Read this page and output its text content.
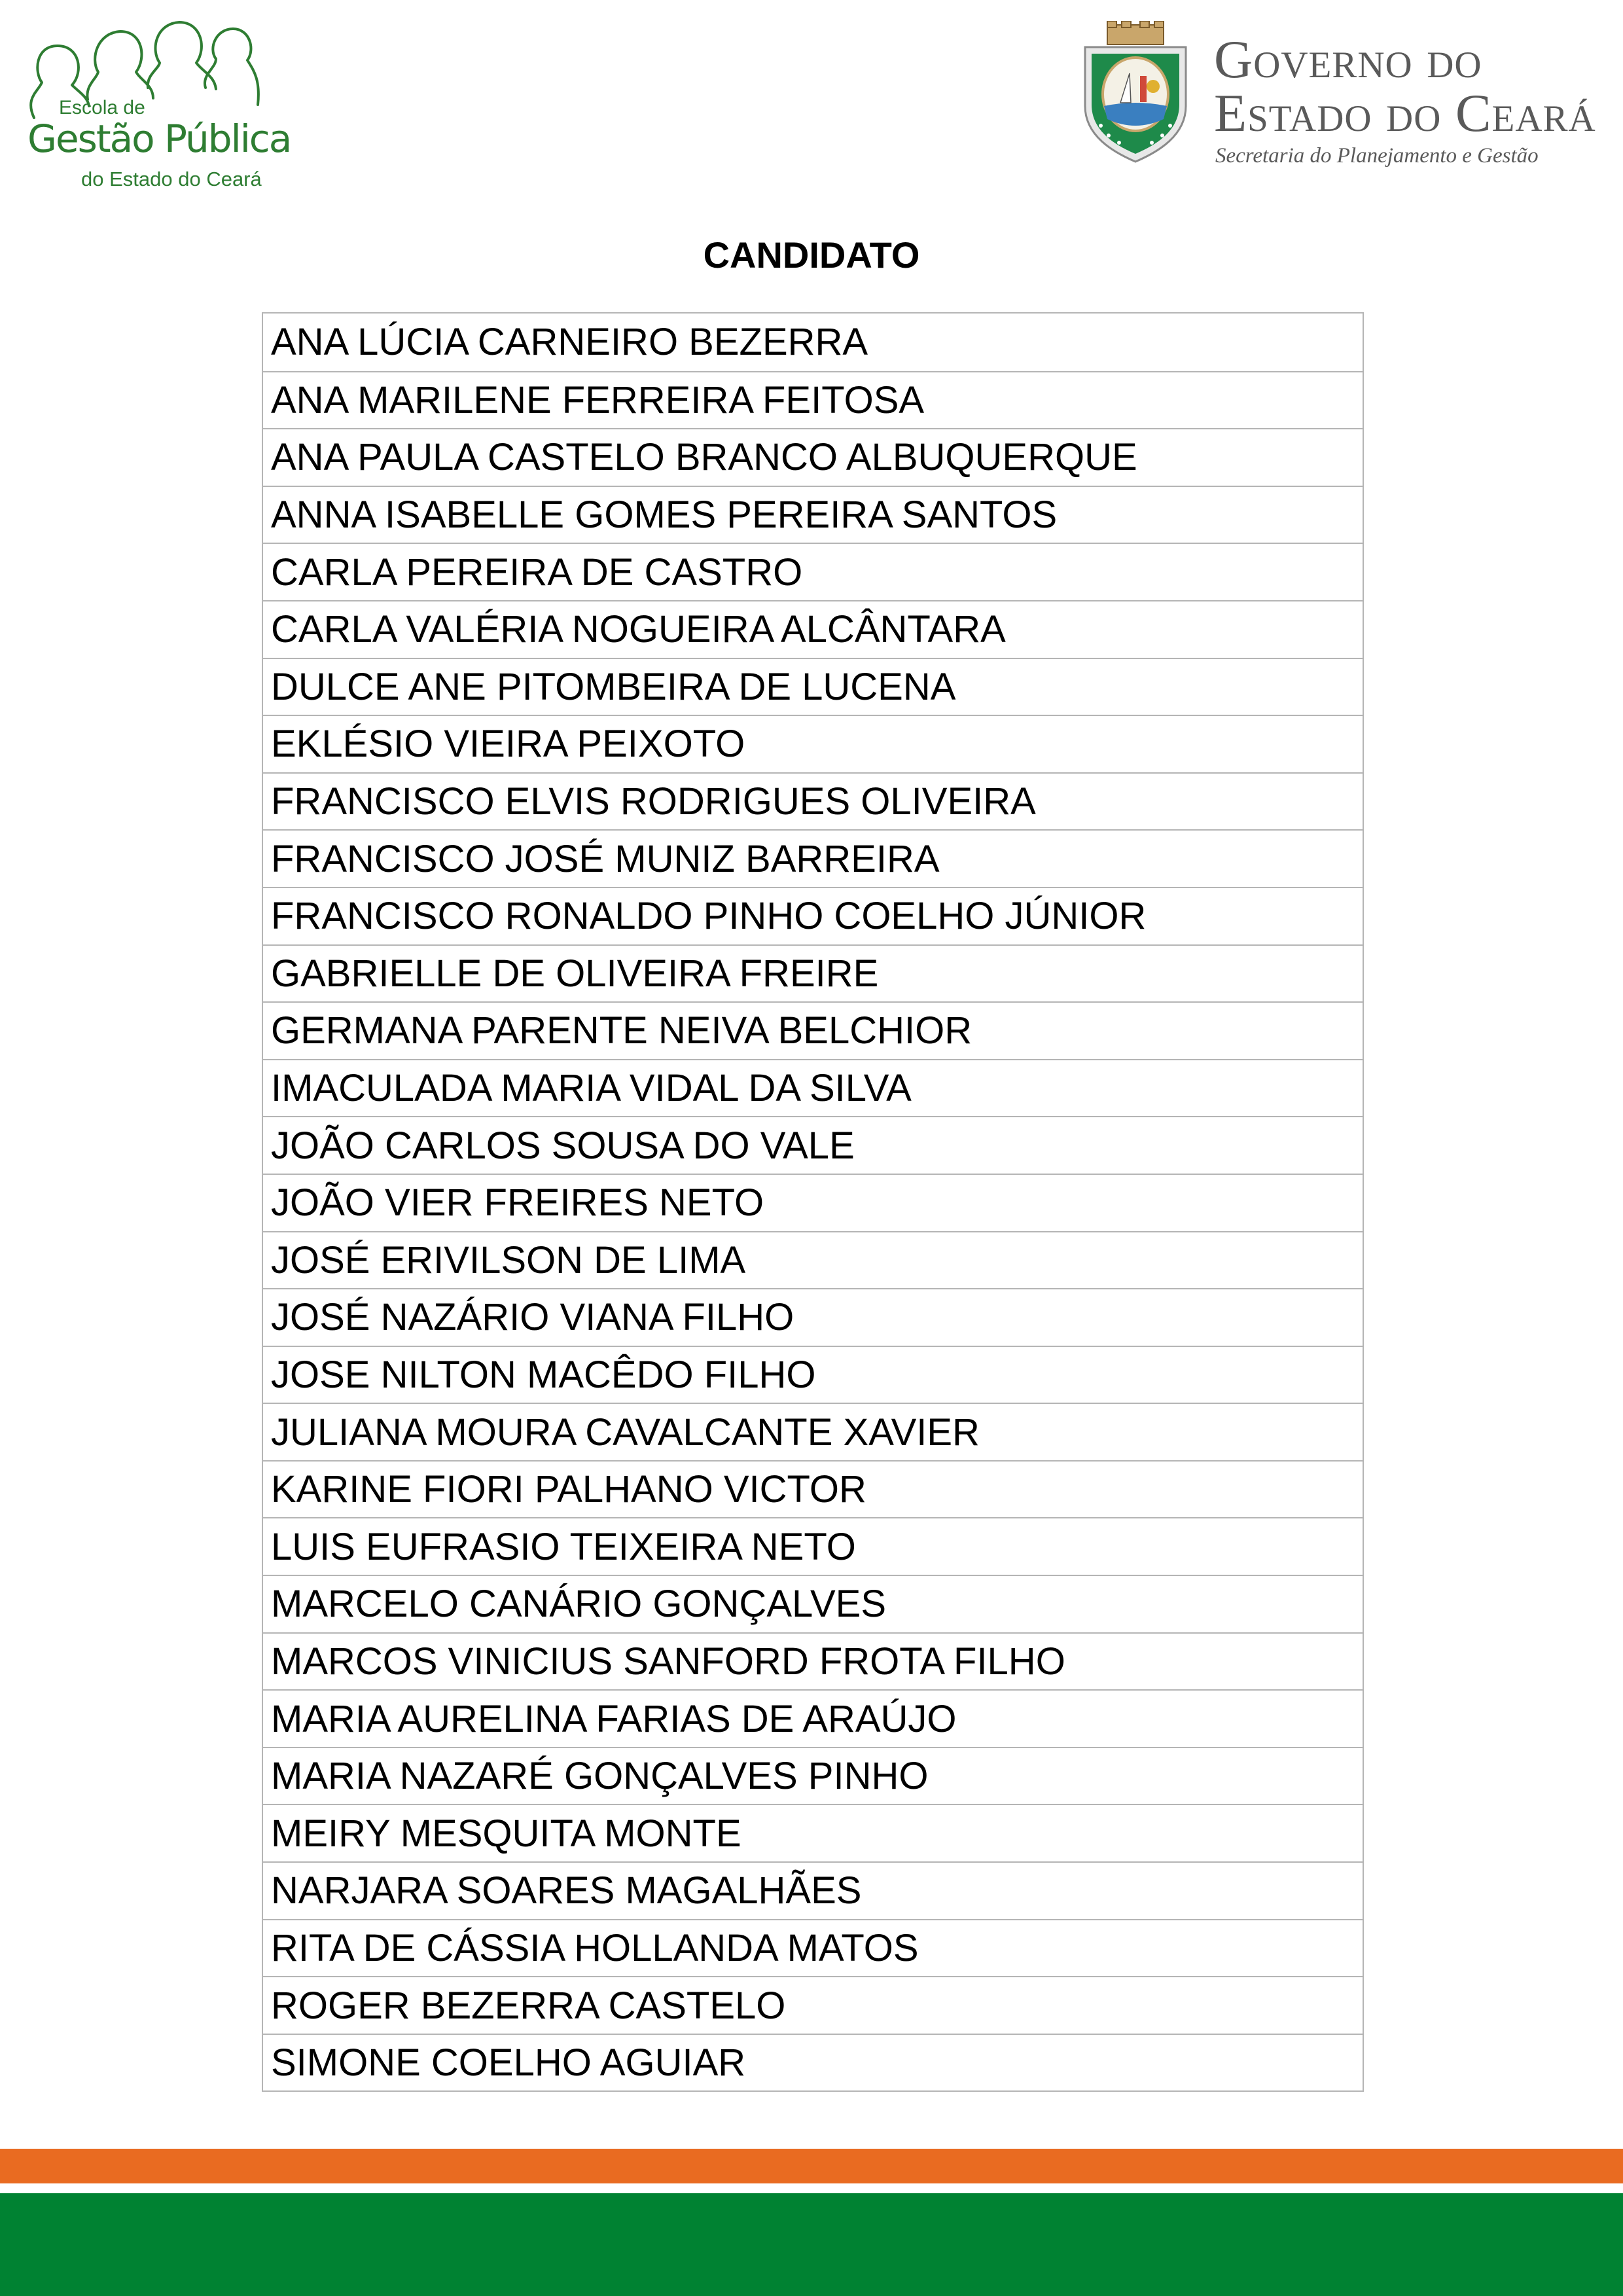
Escola de
Gestão Pública
do Estado do Ceará
Governo do
Estado do Ceará
Secretaria do Planejamento e Gestão
CANDIDATO
ANA LÚCIA CARNEIRO BEZERRA
ANA MARILENE FERREIRA FEITOSA
ANA PAULA CASTELO BRANCO ALBUQUERQUE
ANNA ISABELLE GOMES PEREIRA SANTOS
CARLA PEREIRA DE CASTRO
CARLA VALÉRIA NOGUEIRA ALCÂNTARA
DULCE ANE PITOMBEIRA DE LUCENA
EKLÉSIO VIEIRA PEIXOTO
FRANCISCO ELVIS RODRIGUES OLIVEIRA
FRANCISCO JOSÉ MUNIZ BARREIRA
FRANCISCO RONALDO PINHO COELHO JÚNIOR
GABRIELLE DE OLIVEIRA FREIRE
GERMANA PARENTE NEIVA BELCHIOR
IMACULADA MARIA VIDAL DA SILVA
JOÃO CARLOS SOUSA DO VALE
JOÃO VIER FREIRES NETO
JOSÉ ERIVILSON DE LIMA
JOSÉ NAZÁRIO VIANA FILHO
JOSE NILTON MACÊDO FILHO
JULIANA MOURA CAVALCANTE XAVIER
KARINE FIORI PALHANO VICTOR
LUIS EUFRASIO TEIXEIRA NETO
MARCELO CANÁRIO GONÇALVES
MARCOS VINICIUS SANFORD FROTA FILHO
MARIA AURELINA FARIAS DE ARAÚJO
MARIA NAZARÉ GONÇALVES PINHO
MEIRY MESQUITA MONTE
NARJARA SOARES MAGALHÃES
RITA DE CÁSSIA HOLLANDA MATOS
ROGER BEZERRA CASTELO
SIMONE COELHO AGUIAR
